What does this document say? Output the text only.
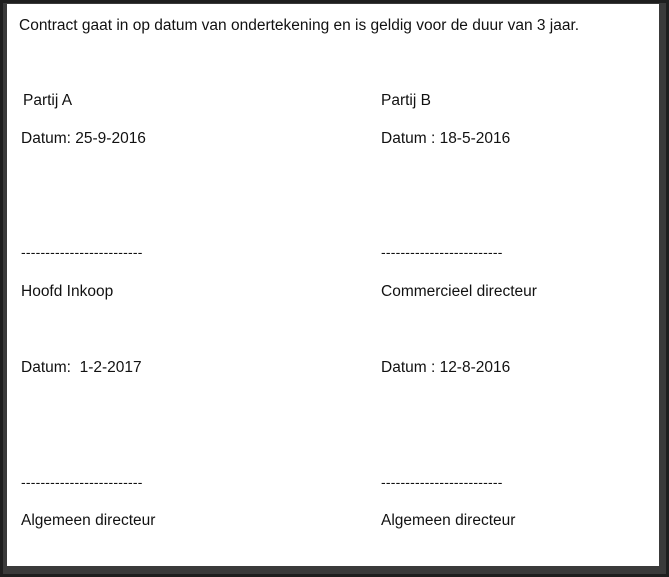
Contract gaat in op datum van ondertekening en is geldig voor de duur van 3 jaar.
Partij A
Datum: 25-9-2016
-------------------------
Hoofd Inkoop
Datum:  1-2-2017
-------------------------
Algemeen directeur
Partij B
Datum : 18-5-2016
-------------------------
Commercieel directeur
Datum : 12-8-2016
-------------------------
Algemeen directeur
